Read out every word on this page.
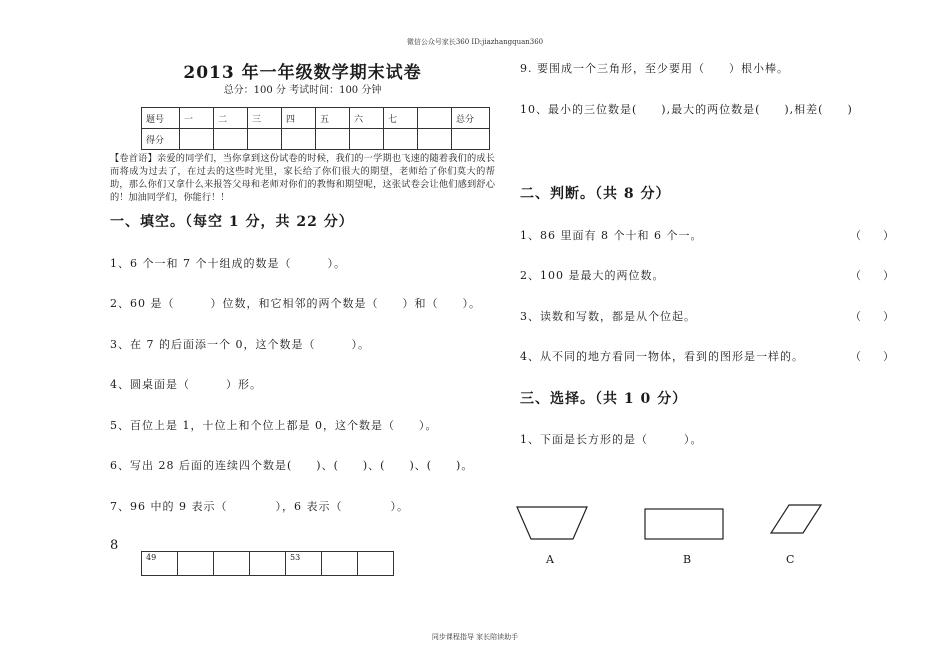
微信公众号家长360 ID:jiazhangquan360
2013 年一年级数学期末试卷
总分：100 分 考试时间：100 分钟
题号	一	二	三	四	五	六	七		总分
得分									
【卷首语】亲爱的同学们，当你拿到这份试卷的时候，我们的一学期也飞速的随着我们的成长而将成为过去了，在过去的这些时光里，家长给了你们很大的期望，老师给了你们莫大的帮助，那么你们又拿什么来报答父母和老师对你们的教悔和期望呢，这张试卷会让他们感到舒心的！加油同学们，你能行！！
一、填空。（每空 1 分，共 22 分）
1、6 个一和 7 个十组成的数是（　　　）。
2、60 是（　　　）位数，和它相邻的两个数是（　　）和（　　）。
3、在 7 的后面添一个 0，这个数是（　　　）。
4、圆桌面是（　　　）形。
5、百位上是 1，十位上和个位上都是 0，这个数是（　　）。
6、写出 28 后面的连续四个数是(　　)、(　　)、(　　)、(　　)。
7、96 中的 9 表示（　　　　），6 表示（　　　　）。
8
49				53		
9. 要围成一个三角形，至少要用（　　）根小棒。
10、最小的三位数是(　　),最大的两位数是(　　),相差(　　)
二、判断。（共 8 分）
1、86 里面有 8 个十和 6 个一。	（　　）
2、100 是最大的两位数。	（　　）
3、读数和写数，都是从个位起。	（　　）
4、从不同的地方看同一物体，看到的图形是一样的。	（　　）
三、选择。（共 1 0 分）
1、下面是长方形的是（　　　）。
A	B	C
同步课程指导 家长陪读助手
